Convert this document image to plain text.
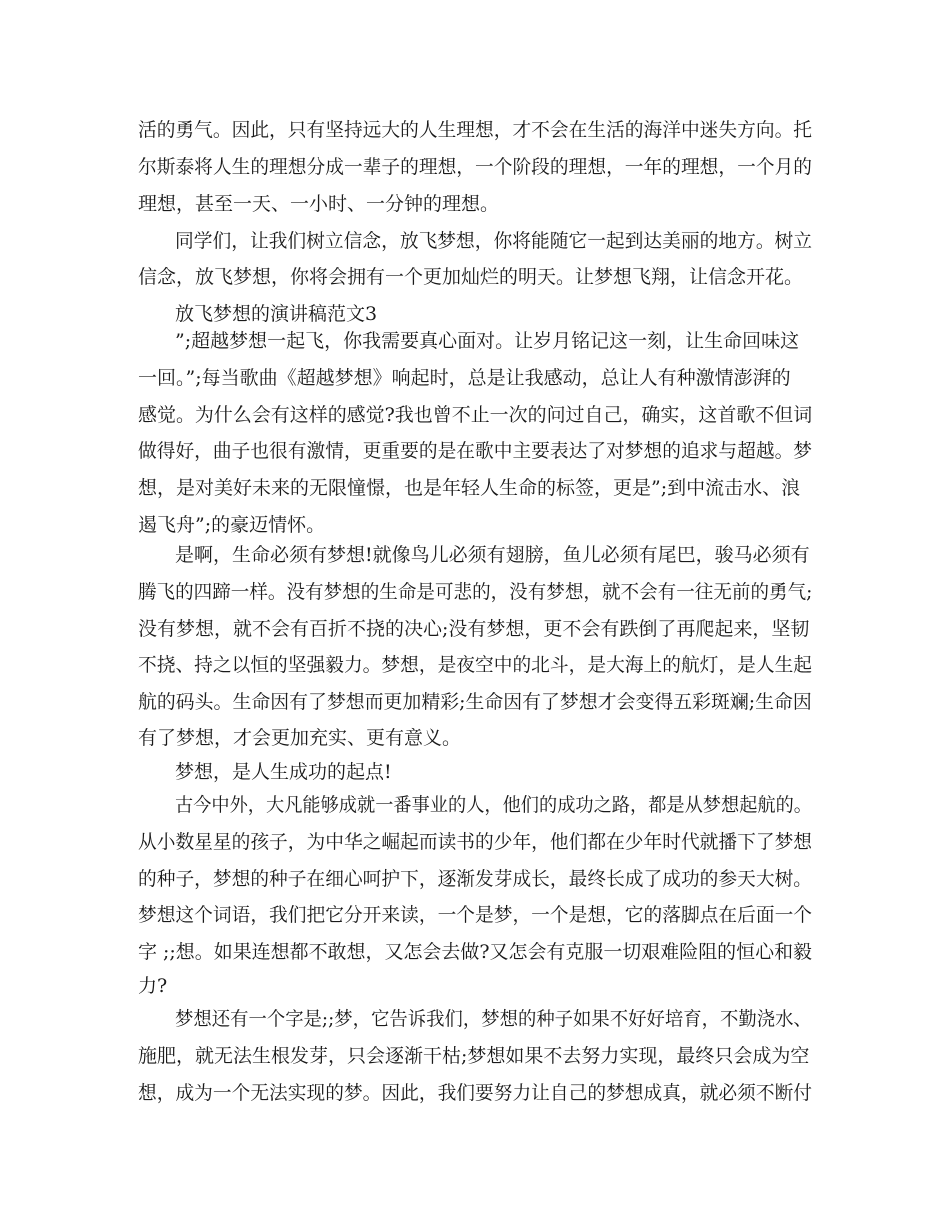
活的勇气。因此，只有坚持远大的人生理想，才不会在生活的海洋中迷失方向。托
尔斯泰将人生的理想分成一辈子的理想，一个阶段的理想，一年的理想，一个月的
理想，甚至一天、一小时、一分钟的理想。
同学们，让我们树立信念，放飞梦想，你将能随它一起到达美丽的地方。树立
信念，放飞梦想，你将会拥有一个更加灿烂的明天。让梦想飞翔，让信念开花。
放飞梦想的演讲稿范文3
”;超越梦想一起飞，你我需要真心面对。让岁月铭记这一刻，让生命回味这
一回。”;每当歌曲《超越梦想》响起时，总是让我感动，总让人有种激情澎湃的
感觉。为什么会有这样的感觉?我也曾不止一次的问过自己，确实，这首歌不但词
做得好，曲子也很有激情，更重要的是在歌中主要表达了对梦想的追求与超越。梦
想，是对美好未来的无限憧憬，也是年轻人生命的标签，更是”;到中流击水、浪
遏飞舟”;的豪迈情怀。
是啊，生命必须有梦想!就像鸟儿必须有翅膀，鱼儿必须有尾巴，骏马必须有
腾飞的四蹄一样。没有梦想的生命是可悲的，没有梦想，就不会有一往无前的勇气;
没有梦想，就不会有百折不挠的决心;没有梦想，更不会有跌倒了再爬起来，坚韧
不挠、持之以恒的坚强毅力。梦想，是夜空中的北斗，是大海上的航灯，是人生起
航的码头。生命因有了梦想而更加精彩;生命因有了梦想才会变得五彩斑斓;生命因
有了梦想，才会更加充实、更有意义。
梦想，是人生成功的起点!
古今中外，大凡能够成就一番事业的人，他们的成功之路，都是从梦想起航的。
从小数星星的孩子，为中华之崛起而读书的少年，他们都在少年时代就播下了梦想
的种子，梦想的种子在细心呵护下，逐渐发芽成长，最终长成了成功的参天大树。
梦想这个词语，我们把它分开来读，一个是梦，一个是想，它的落脚点在后面一个
字 ;;想。如果连想都不敢想，又怎会去做?又怎会有克服一切艰难险阻的恒心和毅
力?
梦想还有一个字是;;梦，它告诉我们，梦想的种子如果不好好培育，不勤浇水、
施肥，就无法生根发芽，只会逐渐干枯;梦想如果不去努力实现，最终只会成为空
想，成为一个无法实现的梦。因此，我们要努力让自己的梦想成真，就必须不断付
